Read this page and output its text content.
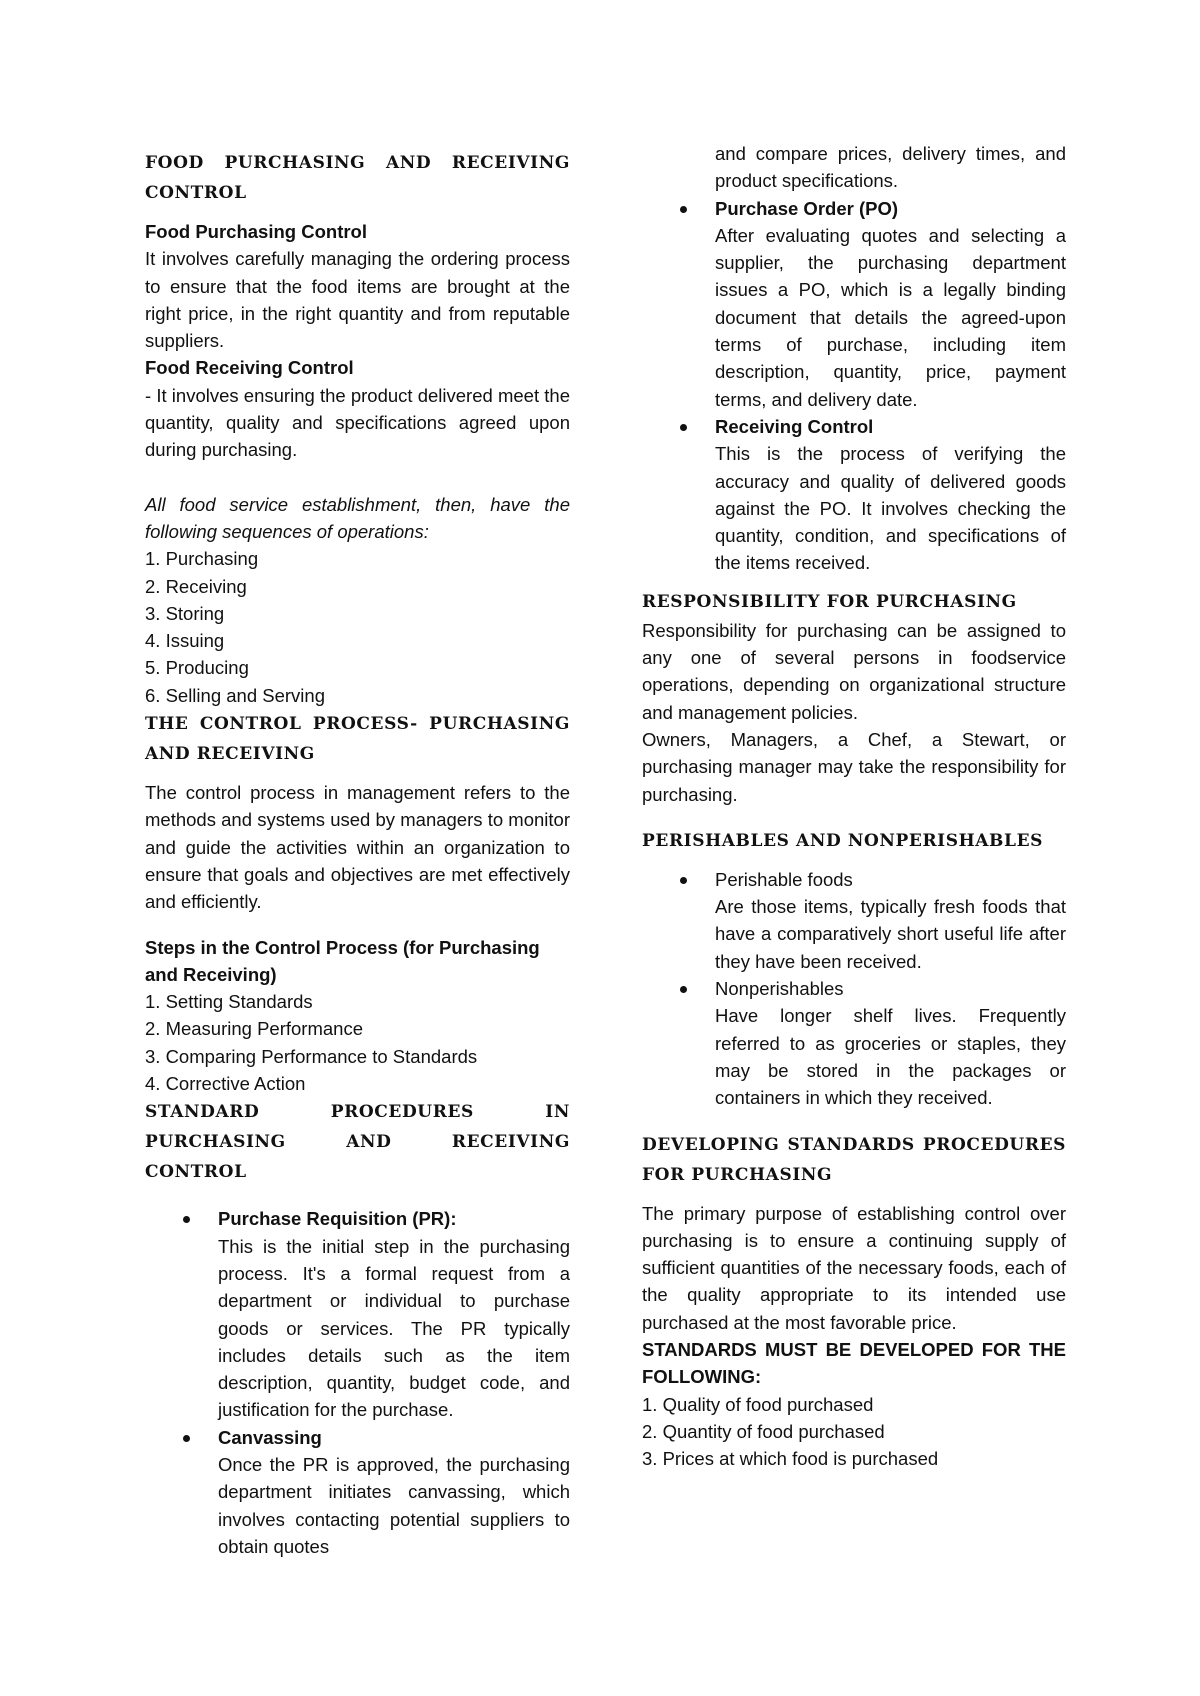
FOOD PURCHASING AND RECEIVING CONTROL

Food Purchasing Control

It involves carefully managing the ordering process to ensure that the food items are brought at the right price, in the right quantity and from reputable suppliers.

Food Receiving Control

- It involves ensuring the product delivered meet the quantity, quality and specifications agreed upon during purchasing.

All food service establishment, then, have the following sequences of operations:

1. Purchasing
2. Receiving
3. Storing
4. Issuing
5. Producing
6. Selling and Serving

THE CONTROL PROCESS- PURCHASING AND RECEIVING

The control process in management refers to the methods and systems used by managers to monitor and guide the activities within an organization to ensure that goals and objectives are met effectively and efficiently.

Steps in the Control Process (for Purchasing and Receiving)

1. Setting Standards
2. Measuring Performance
3. Comparing Performance to Standards
4. Corrective Action

STANDARD PROCEDURES IN PURCHASING AND RECEIVING CONTROL

Purchase Requisition (PR):

This is the initial step in the purchasing process. It's a formal request from a department or individual to purchase goods or services. The PR typically includes details such as the item description, quantity, budget code, and justification for the purchase.

Canvassing

Once the PR is approved, the purchasing department initiates canvassing, which involves contacting potential suppliers to obtain quotes

and compare prices, delivery times, and product specifications.

Purchase Order (PO)

After evaluating quotes and selecting a supplier, the purchasing department issues a PO, which is a legally binding document that details the agreed-upon terms of purchase, including item description, quantity, price, payment terms, and delivery date.

Receiving Control

This is the process of verifying the accuracy and quality of delivered goods against the PO. It involves checking the quantity, condition, and specifications of the items received.

RESPONSIBILITY FOR PURCHASING

Responsibility for purchasing can be assigned to any one of several persons in foodservice operations, depending on organizational structure and management policies.

Owners, Managers, a Chef, a Stewart, or purchasing manager may take the responsibility for purchasing.

PERISHABLES AND NONPERISHABLES

Perishable foods

Are those items, typically fresh foods that have a comparatively short useful life after they have been received.

Nonperishables

Have longer shelf lives. Frequently referred to as groceries or staples, they may be stored in the packages or containers in which they received.

DEVELOPING STANDARDS PROCEDURES FOR PURCHASING

The primary purpose of establishing control over purchasing is to ensure a continuing supply of sufficient quantities of the necessary foods, each of the quality appropriate to its intended use purchased at the most favorable price.

STANDARDS MUST BE DEVELOPED FOR THE FOLLOWING:

1. Quality of food purchased
2. Quantity of food purchased
3. Prices at which food is purchased
